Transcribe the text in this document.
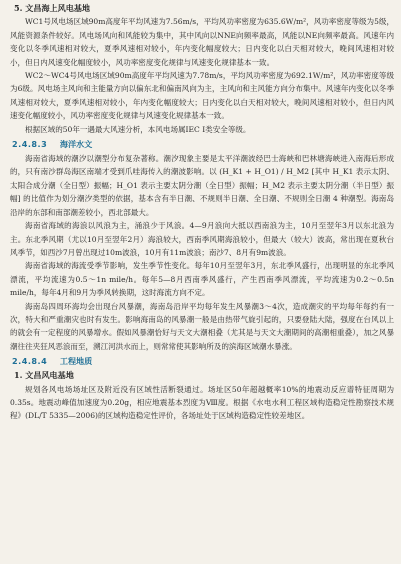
5. 文昌海上风电基地

WC1号风电场区域90m高度年平均风速为7.56m/s，平均风功率密度为635.6W/m²，风功率密度等级为5级，风能资源条件较好。风电场风向和风能较为集中，其中风向以NNE向频率最高，风能以NE向频率最高。风速年内变化以冬季风速相对较大，夏季风速相对较小，年内变化幅度较大；日内变化以白天相对较大，晚间风速相对较小，但日内风速变化幅度较小，风功率密度变化规律与风速变化规律基本一致。

WC2～WC4号风电场区域90m高度年平均风速为7.78m/s，平均风功率密度为692.1W/m²，风功率密度等级为6级。风电场主风向和主能量方向以偏东北和偏南风向为主，主风向和主风能方向分布集中。风速年内变化以冬季风速相对较大，夏季风速相对较小，年内变化幅度较大；日内变化以白天相对较大，晚间风速相对较小，但日内风速变化幅度较小，风功率密度变化规律与风速变化规律基本一致。

根据区域的50年一遇最大风速分析，本风电场属IEC Ⅰ类安全等级。

2.4.8.3 海洋水文

海南省海域的潮汐以潮型分布复杂著称。潮汐现象主要是太平洋潮波经巴士海峡和巴林塘海峡进入南海后形成的，只有南沙群岛海区南端才受到爪哇海传入的潮波影响。以 (H_K1 + H_O1) / H_M2 [其中 H_K1 表示太阴、太阳合成分潮（全日型）振幅；H_O1 表示主要太阴分潮（全日型）振幅；H_M2 表示主要太阴分潮（半日型）振幅] 的比值作为划分潮汐类型的依据，基本含有半日潮、不规则半日潮、全日潮、不规则全日潮 4 种潮型。海南岛沿岸的东部和南部潮差较小，西北部最大。

海南省海域的海浪以风浪为主，涌浪少于风浪。4—9月浪向大抵以西南浪为主，10月至翌年3月以东北浪为主。东北季风期（尤以10月至翌年2月）海浪较大，西南季风期海浪较小，但最大（较大）波高，常出现在夏秋台风季节，如西沙7月曾出现过10m波浪，10月有11m波浪；南沙7、8月有9m波浪。

海南省海域的海流受季节影响，发生季节性变化。每年10月至翌年3月，东北季风盛行，出现明显的东北季风漂流，平均流速为0.5～1n mile/h。每年5—8月西南季风盛行，产生西南季风漂流，平均流速为0.2～0.5n mile/h，每年4月和9月为季风转换期，这时海流方向不定。

海南岛四周环海均会出现台风暴潮，海南岛沿岸平均每年发生风暴潮3～4次，造成潮灾的平均每年每约有一次，特大和严重潮灾也时有发生。影响海南岛的风暴潮一般是由热带气旋引起的，只要登陆大陆，强度在台风以上的就会有一定程度的风暴增水。假如风暴潮恰好与天文大潮相叠（尤其是与天文大潮期间的高潮相重叠），加之风暴潮往往夹狂风恶浪而至，溯江河洪水而上，则常常使其影响所及的滨海区域潮水暴涨。

2.4.8.4 工程地质

1. 文昌风电基地

规划各风电场场址区及附近没有区域性活断裂通过。场址区50年超越概率10%的地震动反应谱特征周期为0.35s。地震动峰值加速度为0.20g，相应地震基本烈度为Ⅷ度。根据《水电水利工程区域构造稳定性勘察技术规程》(DL/T 5335—2006)的区域构造稳定性评价，各场址处于区域构造稳定性较差地区。
